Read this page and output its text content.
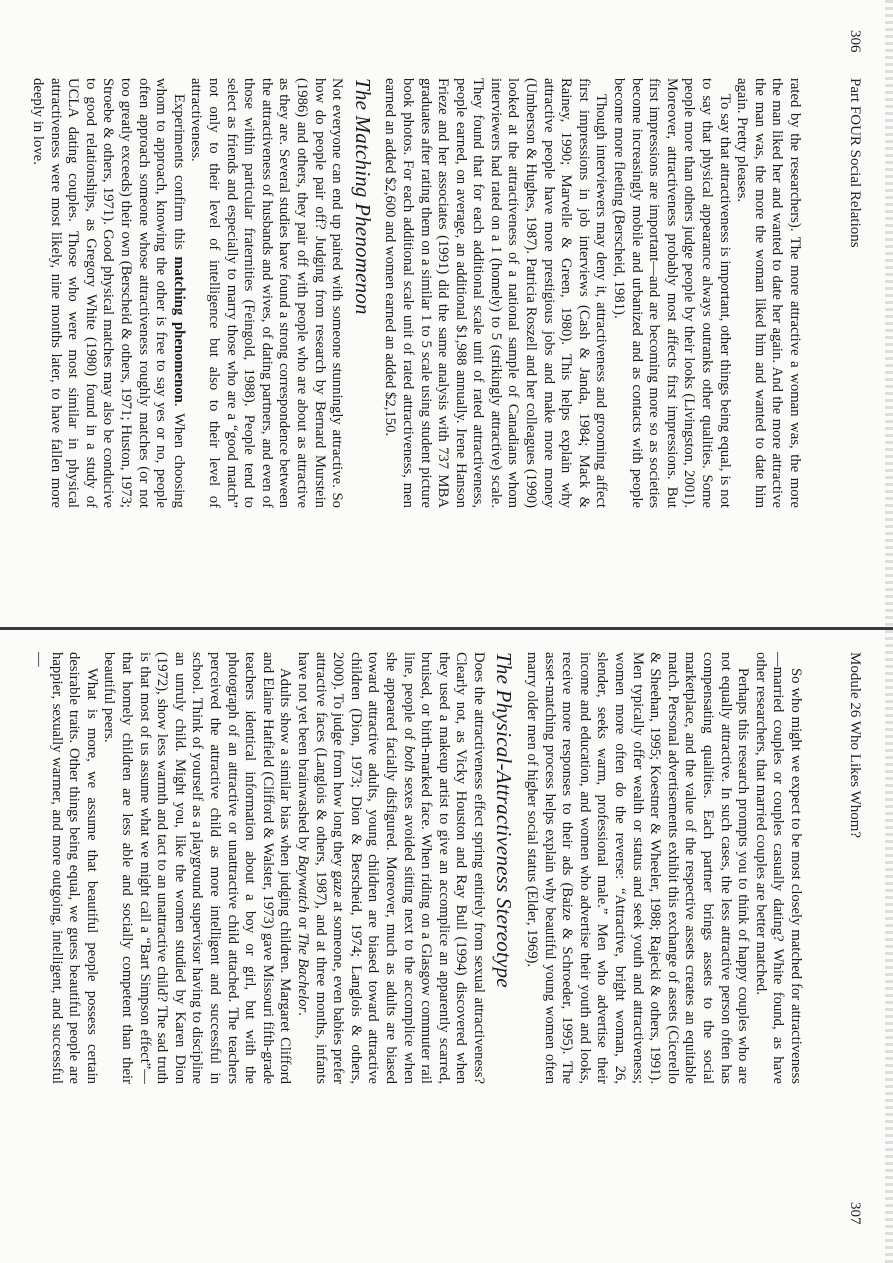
306
Part FOUR Social Relations

rated by the researchers). The more attractive a woman was, the more the man liked her and wanted to date her again. And the more attractive the man was, the more the woman liked him and wanted to date him again. Pretty pleases.

To say that attractiveness is important, other things being equal, is not to say that physical appearance always outranks other qualities. Some people more than others judge people by their looks (Livingston, 2001). Moreover, attractiveness probably most affects first impressions. But first impressions are important—and are becoming more so as societies become increasingly mobile and urbanized and as contacts with people become more fleeting (Berscheid, 1981).

Though interviewers may deny it, attractiveness and grooming affect first impressions in job interviews (Cash & Janda, 1984; Mack & Rainey, 1990; Marvelle & Green, 1980). This helps explain why attractive people have more prestigious jobs and make more money (Umberson & Hughes, 1987). Patricia Roszell and her colleagues (1990) looked at the attractiveness of a national sample of Canadians whom interviewers had rated on a 1 (homely) to 5 (strikingly attractive) scale. They found that for each additional scale unit of rated attractiveness, people earned, on average, an additional $1,988 annually. Irene Hanson Frieze and her associates (1991) did the same analysis with 737 MBA graduates after rating them on a similar 1 to 5 scale using student picture book photos. For each additional scale unit of rated attractiveness, men earned an added $2,600 and women earned an added $2,150.

The Matching Phenomenon

Not everyone can end up paired with someone stunningly attractive. So how do people pair off? Judging from research by Bernard Murstein (1986) and others, they pair off with people who are about as attractive as they are. Several studies have found a strong correspondence between the attractiveness of husbands and wives, of dating partners, and even of those within particular fraternities (Feingold, 1988). People tend to select as friends and especially to marry those who are a “good match” not only to their level of intelligence but also to their level of attractiveness.

Experiments confirm this matching phenomenon. When choosing whom to approach, knowing the other is free to say yes or no, people often approach someone whose attractiveness roughly matches (or not too greatly exceeds) their own (Berscheid & others, 1971; Huston, 1973; Stroebe & others, 1971). Good physical matches may also be conducive to good relationships, as Gregory White (1980) found in a study of UCLA dating couples. Those who were most similar in physical attractiveness were most likely, nine months later, to have fallen more deeply in love.

Module 26 Who Likes Whom?
307

So who might we expect to be most closely matched for attractiveness—married couples or couples casually dating? White found, as have other researchers, that married couples are better matched.

Perhaps this research prompts you to think of happy couples who are not equally attractive. In such cases, the less attractive person often has compensating qualities. Each partner brings assets to the social marketplace, and the value of the respective assets creates an equitable match. Personal advertisements exhibit this exchange of assets (Cicerello & Sheehan, 1995; Koestner & Wheeler, 1988; Rajecki & others, 1991). Men typically offer wealth or status and seek youth and attractiveness; women more often do the reverse: “Attractive, bright woman, 26, slender, seeks warm, professional male.” Men who advertise their income and education, and women who advertise their youth and looks, receive more responses to their ads (Baize & Schroeder, 1995). The asset-matching process helps explain why beautiful young women often marry older men of higher social status (Elder, 1969).

The Physical-Attractiveness Stereotype

Does the attractiveness effect spring entirely from sexual attractiveness? Clearly not, as Vicky Houston and Ray Bull (1994) discovered when they used a makeup artist to give an accomplice an apparently scarred, bruised, or birth-marked face. When riding on a Glasgow commuter rail line, people of both sexes avoided sitting next to the accomplice when she appeared facially disfigured. Moreover, much as adults are biased toward attractive adults, young children are biased toward attractive children (Dion, 1973; Dion & Berscheid, 1974; Langlois & others, 2000). To judge from how long they gaze at someone, even babies prefer attractive faces (Langlois & others, 1987), and at three months, infants have not yet been brainwashed by Baywatch or The Bachelor.

Adults show a similar bias when judging children. Margaret Clifford and Elaine Hatfield (Clifford & Walster, 1973) gave Missouri fifth-grade teachers identical information about a boy or girl, but with the photograph of an attractive or unattractive child attached. The teachers perceived the attractive child as more intelligent and successful in school. Think of yourself as a playground supervisor having to discipline an unruly child. Might you, like the women studied by Karen Dion (1972), show less warmth and tact to an unattractive child? The sad truth is that most of us assume what we might call a “Bart Simpson effect”—that homely children are less able and socially competent than their beautiful peers.

What is more, we assume that beautiful people possess certain desirable traits. Other things being equal, we guess beautiful people are happier, sexually warmer, and more outgoing, intelligent, and successful—
